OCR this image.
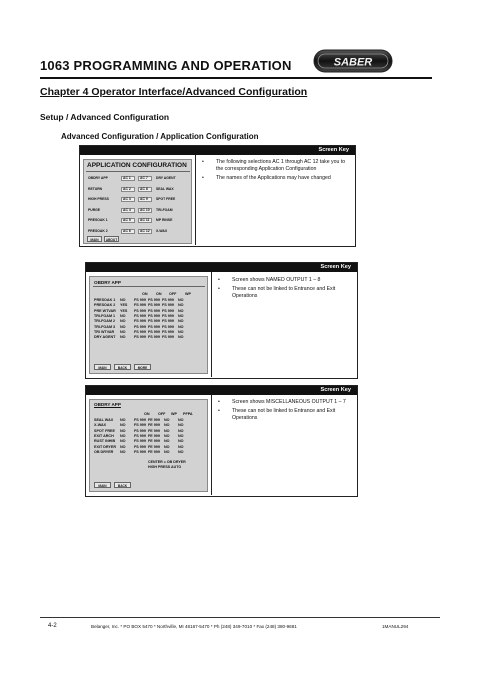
1063 PROGRAMMING AND OPERATION	SABER
Chapter 4 Operator Interface/Advanced Configuration
Setup / Advanced Configuration
Advanced Configuration / Application Configuration
Screen Key
APPLICATION CONFIGURATION
OBDRY APP	AC 1	AC 7 DRY AGENT
RETURN	AC 2	AC 8 SEAL WAX
HIGH PRESS	AC 3	AC 9 SPOT FREE
PURGE	AC 4	AC 10 TRI-FOAM
PRESOAK 1	AC 5	AC 11 MP RINSE
PRESOAK 2	AC 6	AC 12 X-WAX
MAIN	ABOUT
• The following selections AC 1 through AC 12 take you to the corresponding Application Configuration
• The names of the Applications may have changed
Screen Key
OBDRY APP
ON ON OFF WP
PRESOAK 1 NO FS 999 FS 999 FS 999 NO
PRESOAK 2 YES FS 999 FS 999 FS 999 NO
PRE WTVAR YES FS 999 FS 999 FS 999 NO
TRI-FOAM 1 NO FS 999 FS 999 FS 999 NO
TRI-FOAM 2 NO FS 999 FS 999 FS 999 NO
TRI-FOAM 3 NO FS 999 FS 999 FS 999 NO
TRI WTVAR NO FS 999 FS 999 FS 999 NO
DRY AGENT NO FS 999 FS 999 FS 999 NO
MAIN	BACK	MORE
• Screen shows NAMED OUTPUT 1 – 8
• These can not be linked to Entrance and Exit Operations
Screen Key
OBDRY APP
ON OFF WP PFPA
SEAL WAX NO FS 999 FE 999 NO NO
X-WAX	NO FS 999 FE 999 NO NO
SPOT FREE NO FS 999 FE 999 NO NO
EXIT ARCH NO FS 999 FE 999 NO NO
RUST INHIB NO FS 999 FE 999 NO NO
EXIT DRYER NO FS 999 FE 999 NO NO
OB DRYER NO FS 999 FE 999 NO NO
CENTER = OB DRYER
HIGH PRESS AUTO
MAIN	BACK
• Screen shows MISCELLANEOUS OUTPUT 1 – 7
• These can not be linked to Entrance and Exit Operations
4-2	Belanger, Inc. * PO BOX 5470 * Northville, MI 48167-5470 * Ph (248) 349-7010 * Fax (248) 380-9681	1MANUL294
